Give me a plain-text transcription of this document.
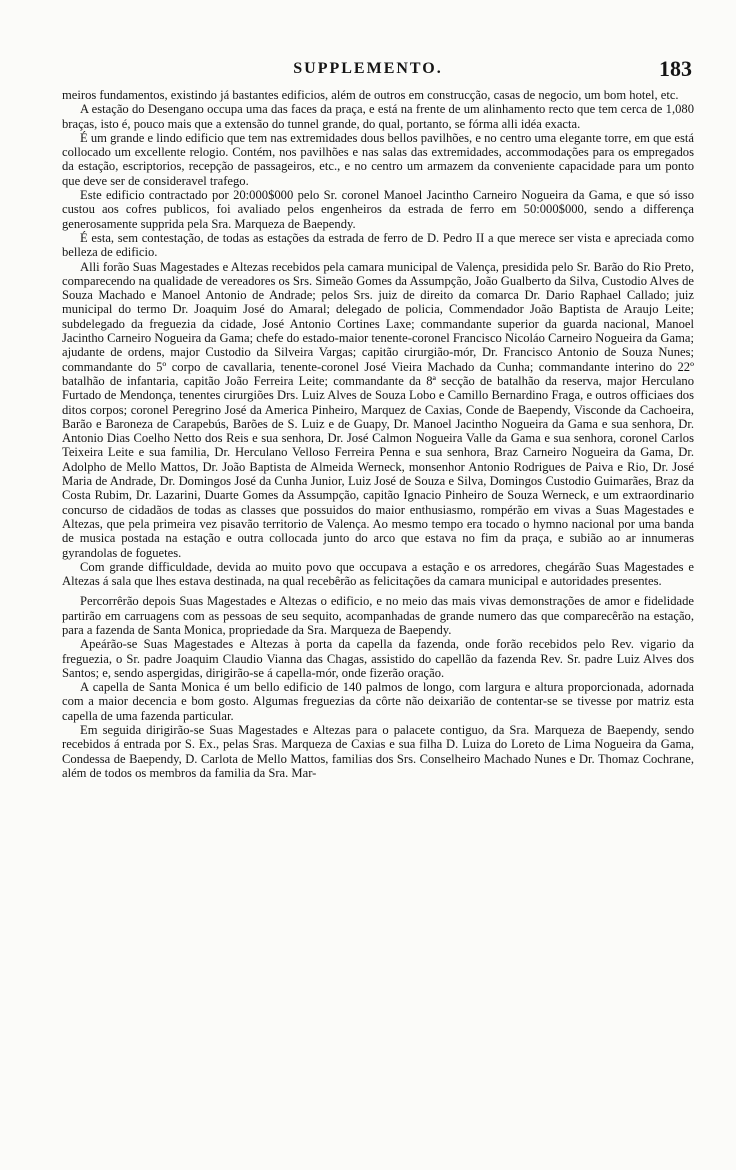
SUPPLEMENTO.	183

meiros fundamentos, existindo já bastantes edificios, além de outros em construcção, casas de negocio, um bom hotel, etc.

A estação do Desengano occupa uma das faces da praça, e está na frente de um alinhamento recto que tem cerca de 1,080 braças, isto é, pouco mais que a extensão do tunnel grande, do qual, portanto, se fórma alli idéa exacta.

É um grande e lindo edificio que tem nas extremidades dous bellos pavilhões, e no centro uma elegante torre, em que está collocado um excellente relogio. Contém, nos pavilhões e nas salas das extremidades, accommodações para os empregados da estação, escriptorios, recepção de passageiros, etc., e no centro um armazem da conveniente capacidade para um ponto que deve ser de consideravel trafego.

Este edificio contractado por 20:000$000 pelo Sr. coronel Manoel Jacintho Carneiro Nogueira da Gama, e que só isso custou aos cofres publicos, foi avaliado pelos engenheiros da estrada de ferro em 50:000$000, sendo a differença generosamente supprida pela Sra. Marqueza de Baependy.

É esta, sem contestação, de todas as estações da estrada de ferro de D. Pedro II a que merece ser vista e apreciada como belleza de edificio.

Alli forão Suas Magestades e Altezas recebidos pela camara municipal de Valença, presidida pelo Sr. Barão do Rio Preto, comparecendo na qualidade de vereadores os Srs. Simeão Gomes da Assumpção, João Gualberto da Silva, Custodio Alves de Souza Machado e Manoel Antonio de Andrade; pelos Srs. juiz de direito da comarca Dr. Dario Raphael Callado; juiz municipal do termo Dr. Joaquim José do Amaral; delegado de policia, Commendador João Baptista de Araujo Leite; subdelegado da freguezia da cidade, José Antonio Cortines Laxe; commandante superior da guarda nacional, Manoel Jacintho Carneiro Nogueira da Gama; chefe do estado-maior tenente-coronel Francisco Nicoláo Carneiro Nogueira da Gama; ajudante de ordens, major Custodio da Silveira Vargas; capitão cirurgião-mór, Dr. Francisco Antonio de Souza Nunes; commandante do 5º corpo de cavallaria, tenente-coronel José Vieira Machado da Cunha; commandante interino do 22º batalhão de infantaria, capitão João Ferreira Leite; commandante da 8ª secção de batalhão da reserva, major Herculano Furtado de Mendonça, tenentes cirurgiões Drs. Luiz Alves de Souza Lobo e Camillo Bernardino Fraga, e outros officiaes dos ditos corpos; coronel Peregrino José da America Pinheiro, Marquez de Caxias, Conde de Baependy, Visconde da Cachoeira, Barão e Baroneza de Carapebús, Barões de S. Luiz e de Guapy, Dr. Manoel Jacintho Nogueira da Gama e sua senhora, Dr. Antonio Dias Coelho Netto dos Reis e sua senhora, Dr. José Calmon Nogueira Valle da Gama e sua senhora, coronel Carlos Teixeira Leite e sua familia, Dr. Herculano Velloso Ferreira Penna e sua senhora, Braz Carneiro Nogueira da Gama, Dr. Adolpho de Mello Mattos, Dr. João Baptista de Almeida Werneck, monsenhor Antonio Rodrigues de Paiva e Rio, Dr. José Maria de Andrade, Dr. Domingos José da Cunha Junior, Luiz José de Souza e Silva, Domingos Custodio Guimarães, Braz da Costa Rubim, Dr. Lazarini, Duarte Gomes da Assumpção, capitão Ignacio Pinheiro de Souza Werneck, e um extraordinario concurso de cidadãos de todas as classes que possuidos do maior enthusiasmo, rompérão em vivas a Suas Magestades e Altezas, que pela primeira vez pisavão territorio de Valença. Ao mesmo tempo era tocado o hymno nacional por uma banda de musica postada na estação e outra collocada junto do arco que estava no fim da praça, e subião ao ar innumeras gyrandolas de foguetes.

Com grande difficuldade, devida ao muito povo que occupava a estação e os arredores, chegárão Suas Magestades e Altezas á sala que lhes estava destinada, na qual recebêrão as felicitações da camara municipal e autoridades presentes.

Percorrêrão depois Suas Magestades e Altezas o edificio, e no meio das mais vivas demonstrações de amor e fidelidade partirão em carruagens com as pessoas de seu sequito, acompanhadas de grande numero das que comparecêrão na estação, para a fazenda de Santa Monica, propriedade da Sra. Marqueza de Baependy.

Apeárão-se Suas Magestades e Altezas à porta da capella da fazenda, onde forão recebidos pelo Rev. vigario da freguezia, o Sr. padre Joaquim Claudio Vianna das Chagas, assistido do capellão da fazenda Rev. Sr. padre Luiz Alves dos Santos; e, sendo aspergidas, dirigirão-se á capella-mór, onde fizerão oração.

A capella de Santa Monica é um bello edificio de 140 palmos de longo, com largura e altura proporcionada, adornada com a maior decencia e bom gosto. Algumas freguezias da côrte não deixarião de contentar-se se tivesse por matriz esta capella de uma fazenda particular.

Em seguida dirigirão-se Suas Magestades e Altezas para o palacete contiguo, da Sra. Marqueza de Baependy, sendo recebidos á entrada por S. Ex., pelas Sras. Marqueza de Caxias e sua filha D. Luiza do Loreto de Lima Nogueira da Gama, Condessa de Baependy, D. Carlota de Mello Mattos, familias dos Srs. Conselheiro Machado Nunes e Dr. Thomaz Cochrane, além de todos os membros da familia da Sra. Mar-
